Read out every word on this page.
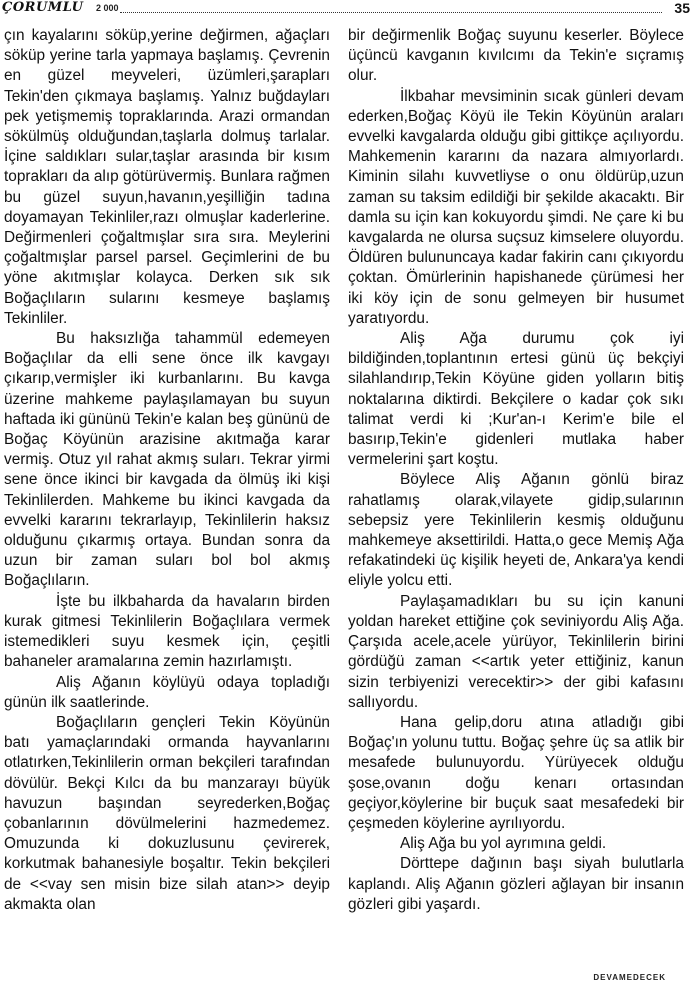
ÇORUMLU 2 000	35

çın kayalarını söküp,yerine değirmen, ağaçları söküp yerine tarla yapmaya başlamış. Çevrenin en güzel meyveleri, üzümleri,şarapları Tekin'den çıkmaya başlamış. Yalnız buğdayları pek yetişmemiş topraklarında. Arazi ormandan sökülmüş olduğundan,taşlarla dolmuş tarlalar. İçine saldıkları sular,taşlar arasında bir kısım toprakları da alıp götürüvermiş. Bunlara rağmen bu güzel suyun,havanın,yeşilliğin tadına doyamayan Tekinliler,razı olmuşlar kaderlerine. Değirmenleri çoğaltmışlar sıra sıra. Meylerini çoğaltmışlar parsel parsel. Geçimlerini de bu yöne akıtmışlar kolayca. Derken sık sık Boğaçlıların sularını kesmeye başlamış Tekinliler.

Bu haksızlığa tahammül edemeyen Boğaçlılar da elli sene önce ilk kavgayı çıkarıp,vermişler iki kurbanlarını. Bu kavga üzerine mahkeme paylaşılamayan bu suyun haftada iki gününü Tekin'e kalan beş gününü de Boğaç Köyünün arazisine akıtmağa karar vermiş. Otuz yıl rahat akmış suları. Tekrar yirmi sene önce ikinci bir kavgada da ölmüş iki kişi Tekinlilerden. Mahkeme bu ikinci kavgada da evvelki kararını tekrarlayıp, Tekinlilerin haksız olduğunu çıkarmış ortaya. Bundan sonra da uzun bir zaman suları bol bol akmış Boğaçlıların.

İşte bu ilkbaharda da havaların birden kurak gitmesi Tekinlilerin Boğaçlılara vermek istemedikleri suyu kesmek için, çeşitli bahaneler aramalarına zemin hazırlamıştı.

Aliş Ağanın köylüyü odaya topladığı günün ilk saatlerinde.

Boğaçlıların gençleri Tekin Köyünün batı yamaçlarındaki ormanda hayvanlarını otlatırken,Tekinlilerin orman bekçileri tarafından dövülür. Bekçi Kılcı da bu manzarayı büyük havuzun başından seyrederken,Boğaç çobanlarının dövülmelerini hazmedemez. Omuzunda ki dokuzlusunu çevirerek, korkutmak bahanesiyle boşaltır. Tekin bekçileri de <<vay sen misin bize silah atan>> deyip akmakta olan

bir değirmenlik Boğaç suyunu keserler. Böylece üçüncü kavganın kıvılcımı da Tekin'e sıçramış olur.

İlkbahar mevsiminin sıcak günleri devam ederken,Boğaç Köyü ile Tekin Köyünün araları evvelki kavgalarda olduğu gibi gittikçe açılıyordu. Mahkemenin kararını da nazara almıyorlardı. Kiminin silahı kuvvetliyse o onu öldürüp,uzun zaman su taksim edildiği bir şekilde akacaktı. Bir damla su için kan kokuyordu şimdi. Ne çare ki bu kavgalarda ne olursa suçsuz kimselere oluyordu. Öldüren bulununcaya kadar fakirin canı çıkıyordu çoktan. Ömürlerinin hapishanede çürümesi her iki köy için de sonu gelmeyen bir husumet yaratıyordu.

Aliş Ağa durumu çok iyi bildiğinden,toplantının ertesi günü üç bekçiyi silahlandırıp,Tekin Köyüne giden yolların bitiş noktalarına diktirdi. Bekçilere o kadar çok sıkı talimat verdi ki ;Kur'an-ı Kerim'e bile el basırıp,Tekin'e gidenleri mutlaka haber vermelerini şart koştu.

Böylece Aliş Ağanın gönlü biraz rahatlamış olarak,vilayete gidip,sularının sebepsiz yere Tekinlilerin kesmiş olduğunu mahkemeye aksettirildi. Hatta,o gece Memiş Ağa refakatindeki üç kişilik heyeti de, Ankara'ya kendi eliyle yolcu etti.

Paylaşamadıkları bu su için kanuni yoldan hareket ettiğine çok seviniyordu Aliş Ağa. Çarşıda acele,acele yürüyor, Tekinlilerin birini gördüğü zaman <<artık yeter ettiğiniz, kanun sizin terbiyenizi verecektir>> der gibi kafasını sallıyordu.

Hana gelip,doru atına atladığı gibi Boğaç'ın yolunu tuttu. Boğaç şehre üç sa atlik bir mesafede bulunuyordu. Yürüyecek olduğu şose,ovanın doğu kenarı ortasından geçiyor,köylerine bir buçuk saat mesafedeki bir çeşmeden köylerine ayrılıyordu.

Aliş Ağa bu yol ayrımına geldi.

Dörttepe dağının başı siyah bulutlarla kaplandı. Aliş Ağanın gözleri ağlayan bir insanın gözleri gibi yaşardı.

DEVAMEDECEK
